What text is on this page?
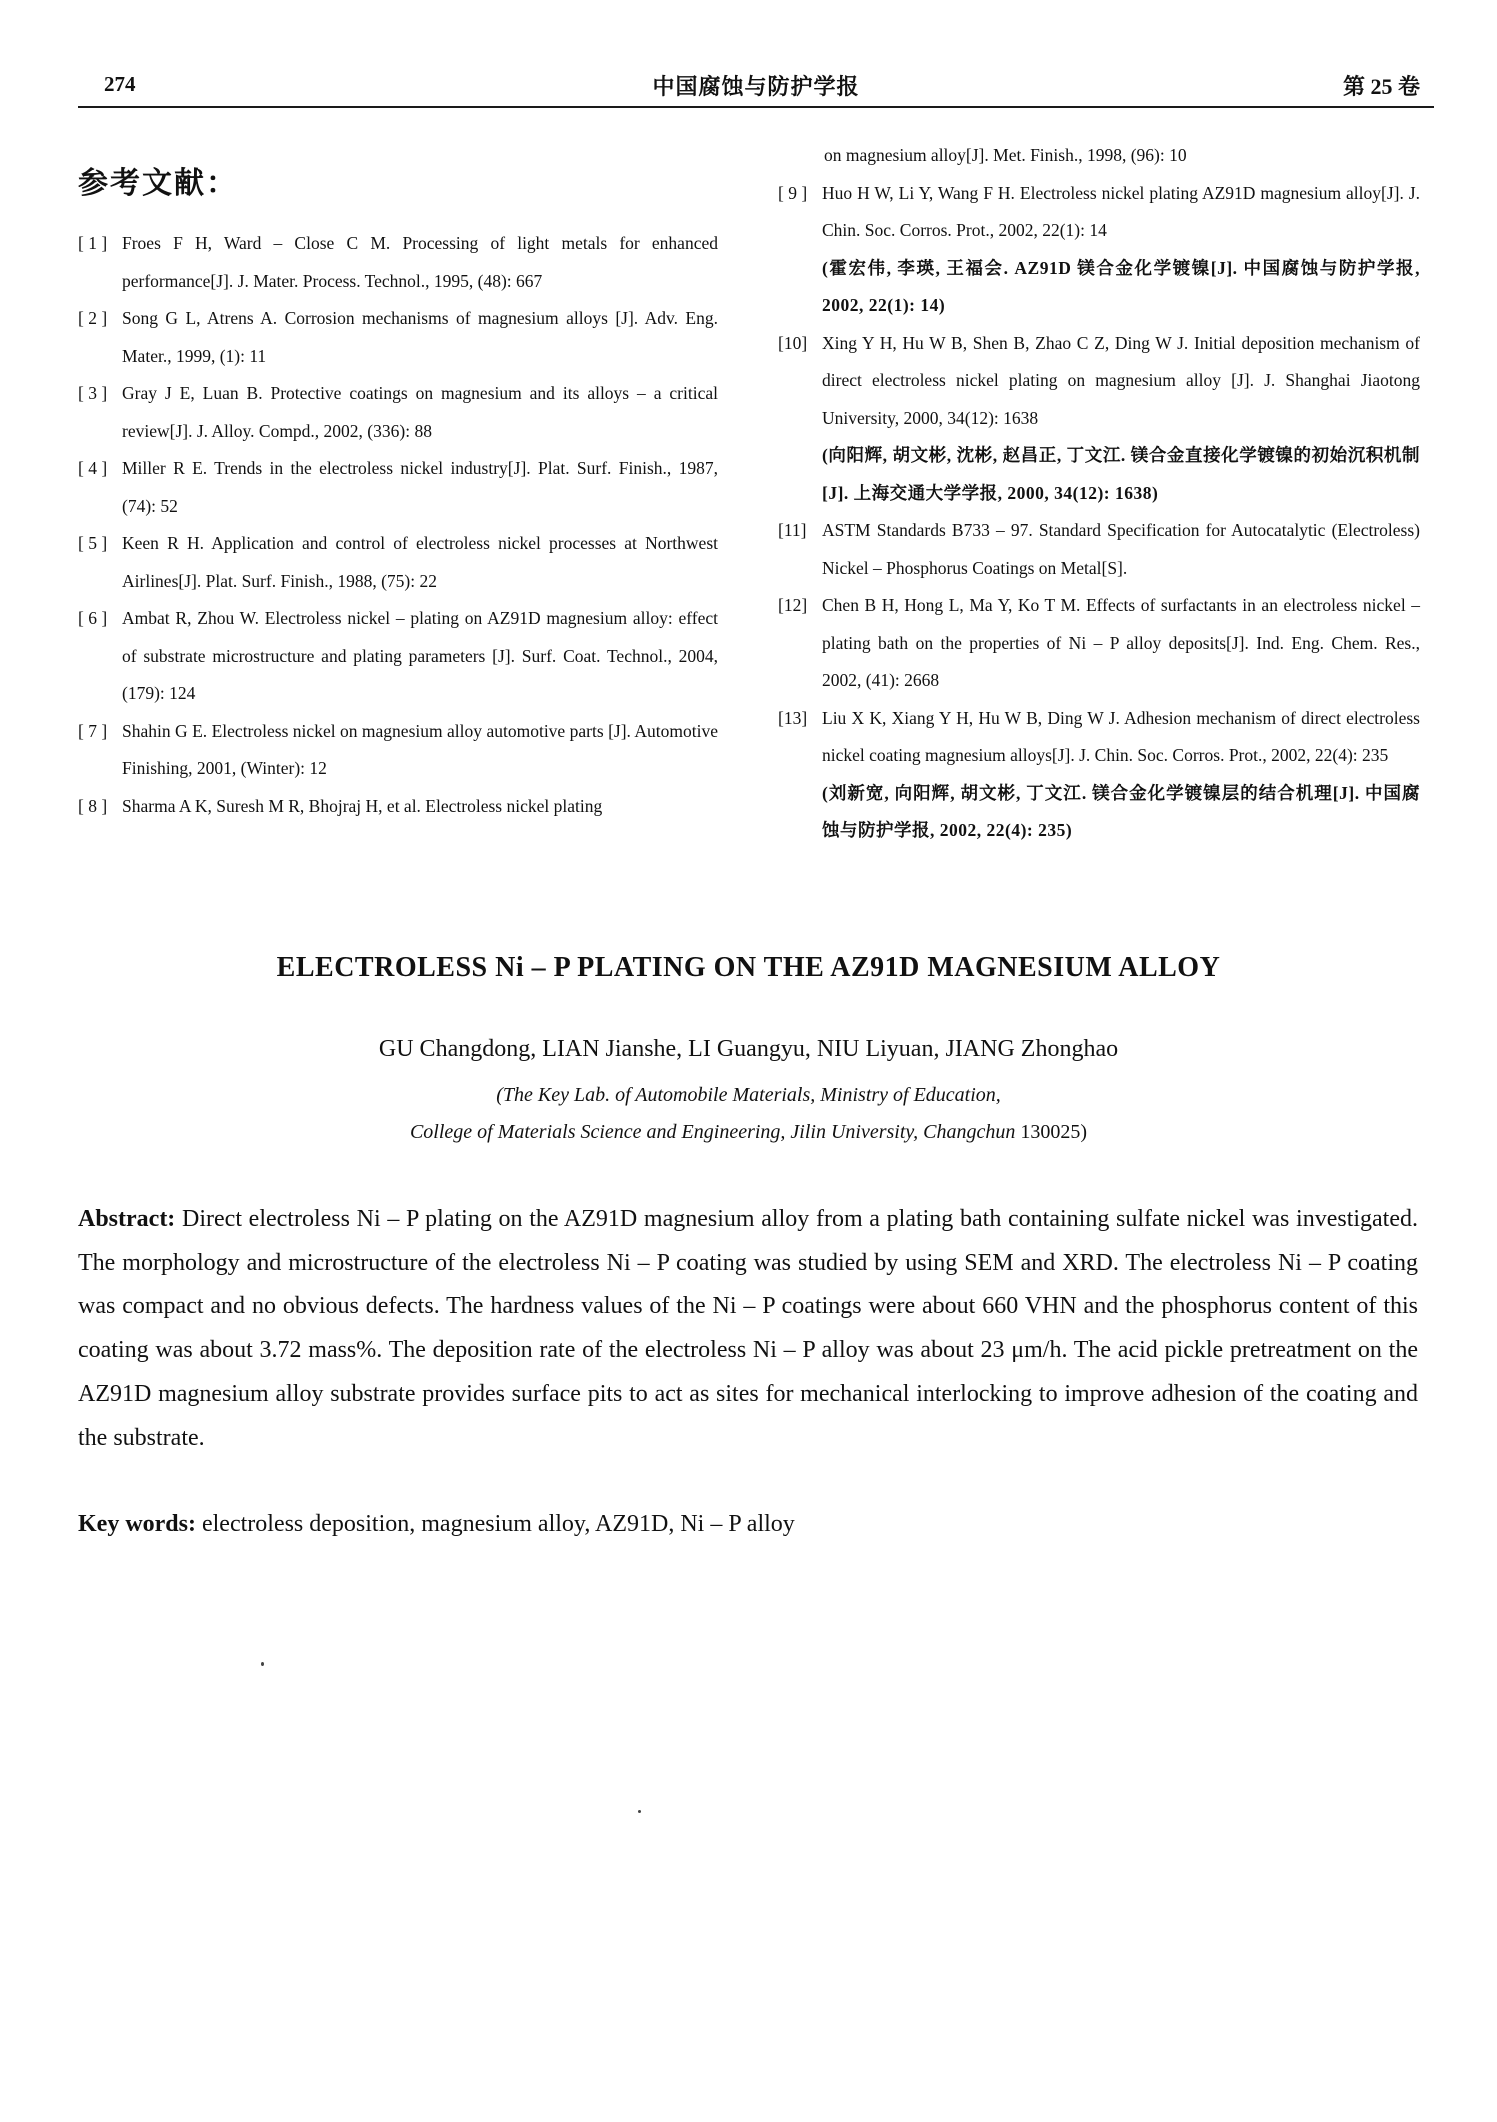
274	中国腐蚀与防护学报	第 25 卷
参考文献：
[ 1 ] Froes F H, Ward – Close C M. Processing of light metals for enhanced performance[J]. J. Mater. Process. Technol., 1995, (48): 667
[ 2 ] Song G L, Atrens A. Corrosion mechanisms of magnesium alloys [J]. Adv. Eng. Mater., 1999, (1): 11
[ 3 ] Gray J E, Luan B. Protective coatings on magnesium and its alloys – a critical review[J]. J. Alloy. Compd., 2002, (336): 88
[ 4 ] Miller R E. Trends in the electroless nickel industry[J]. Plat. Surf. Finish., 1987, (74): 52
[ 5 ] Keen R H. Application and control of electroless nickel processes at Northwest Airlines[J]. Plat. Surf. Finish., 1988, (75): 22
[ 6 ] Ambat R, Zhou W. Electroless nickel – plating on AZ91D magnesium alloy: effect of substrate microstructure and plating parameters [J]. Surf. Coat. Technol., 2004, (179): 124
[ 7 ] Shahin G E. Electroless nickel on magnesium alloy automotive parts [J]. Automotive Finishing, 2001, (Winter): 12
[ 8 ] Sharma A K, Suresh M R, Bhojraj H, et al. Electroless nickel plating
on magnesium alloy[J]. Met. Finish., 1998, (96): 10
[ 9 ] Huo H W, Li Y, Wang F H. Electroless nickel plating AZ91D magnesium alloy[J]. J. Chin. Soc. Corros. Prot., 2002, 22(1): 14
(霍宏伟, 李瑛, 王福会. AZ91D 镁合金化学镀镍[J]. 中国腐蚀与防护学报, 2002, 22(1): 14)
[10] Xing Y H, Hu W B, Shen B, Zhao C Z, Ding W J. Initial deposition mechanism of direct electroless nickel plating on magnesium alloy [J]. J. Shanghai Jiaotong University, 2000, 34(12): 1638
(向阳辉, 胡文彬, 沈彬, 赵昌正, 丁文江. 镁合金直接化学镀镍的初始沉积机制[J]. 上海交通大学学报, 2000, 34(12): 1638)
[11] ASTM Standards B733 – 97. Standard Specification for Autocatalytic (Electroless) Nickel – Phosphorus Coatings on Metal[S].
[12] Chen B H, Hong L, Ma Y, Ko T M. Effects of surfactants in an electroless nickel – plating bath on the properties of Ni – P alloy deposits[J]. Ind. Eng. Chem. Res., 2002, (41): 2668
[13] Liu X K, Xiang Y H, Hu W B, Ding W J. Adhesion mechanism of direct electroless nickel coating magnesium alloys[J]. J. Chin. Soc. Corros. Prot., 2002, 22(4): 235
(刘新宽, 向阳辉, 胡文彬, 丁文江. 镁合金化学镀镍层的结合机理[J]. 中国腐蚀与防护学报, 2002, 22(4): 235)
ELECTROLESS Ni – P PLATING ON THE AZ91D MAGNESIUM ALLOY
GU Changdong, LIAN Jianshe, LI Guangyu, NIU Liyuan, JIANG Zhonghao
(The Key Lab. of Automobile Materials, Ministry of Education,
College of Materials Science and Engineering, Jilin University, Changchun 130025)
Abstract: Direct electroless Ni – P plating on the AZ91D magnesium alloy from a plating bath containing sulfate nickel was investigated. The morphology and microstructure of the electroless Ni – P coating was studied by using SEM and XRD. The electroless Ni – P coating was compact and no obvious defects. The hardness values of the Ni – P coatings were about 660 VHN and the phosphorus content of this coating was about 3.72 mass%. The deposition rate of the electroless Ni – P alloy was about 23 μm/h. The acid pickle pretreatment on the AZ91D magnesium alloy substrate provides surface pits to act as sites for mechanical interlocking to improve adhesion of the coating and the substrate.
Key words: electroless deposition, magnesium alloy, AZ91D, Ni – P alloy
